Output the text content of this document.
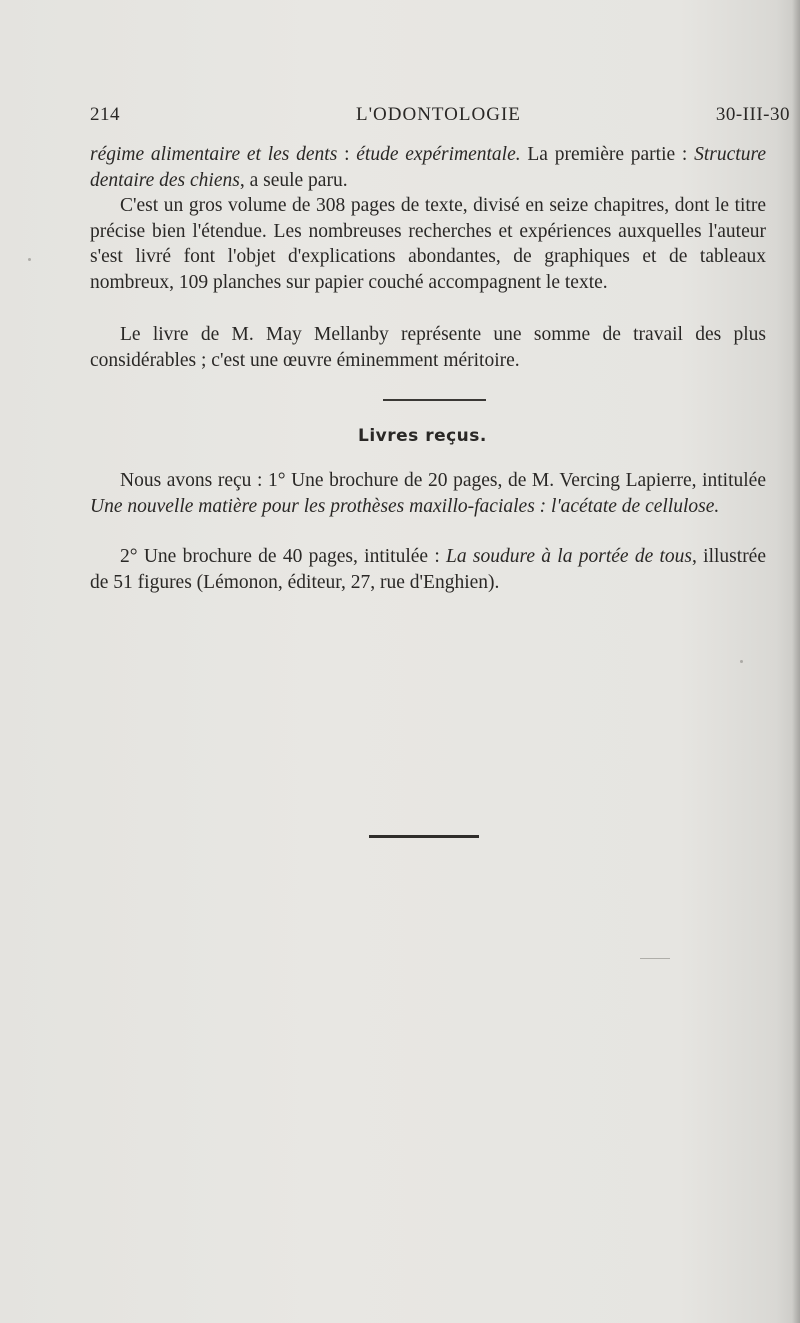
214	L'ODONTOLOGIE	30-III-30

régime alimentaire et les dents : étude expérimentale. La première partie : Structure dentaire des chiens, a seule paru.

C'est un gros volume de 308 pages de texte, divisé en seize chapitres, dont le titre précise bien l'étendue. Les nombreuses recherches et expériences auxquelles l'auteur s'est livré font l'objet d'explications abondantes, de graphiques et de tableaux nombreux, 109 planches sur papier couché accompagnent le texte.

Le livre de M. May Mellanby représente une somme de travail des plus considérables ; c'est une œuvre éminemment méritoire.
Livres reçus.
Nous avons reçu : 1° Une brochure de 20 pages, de M. Vercing Lapierre, intitulée Une nouvelle matière pour les prothèses maxillo-faciales : l'acétate de cellulose.
2° Une brochure de 40 pages, intitulée : La soudure à la portée de tous, illustrée de 51 figures (Lémonon, éditeur, 27, rue d'Enghien).
